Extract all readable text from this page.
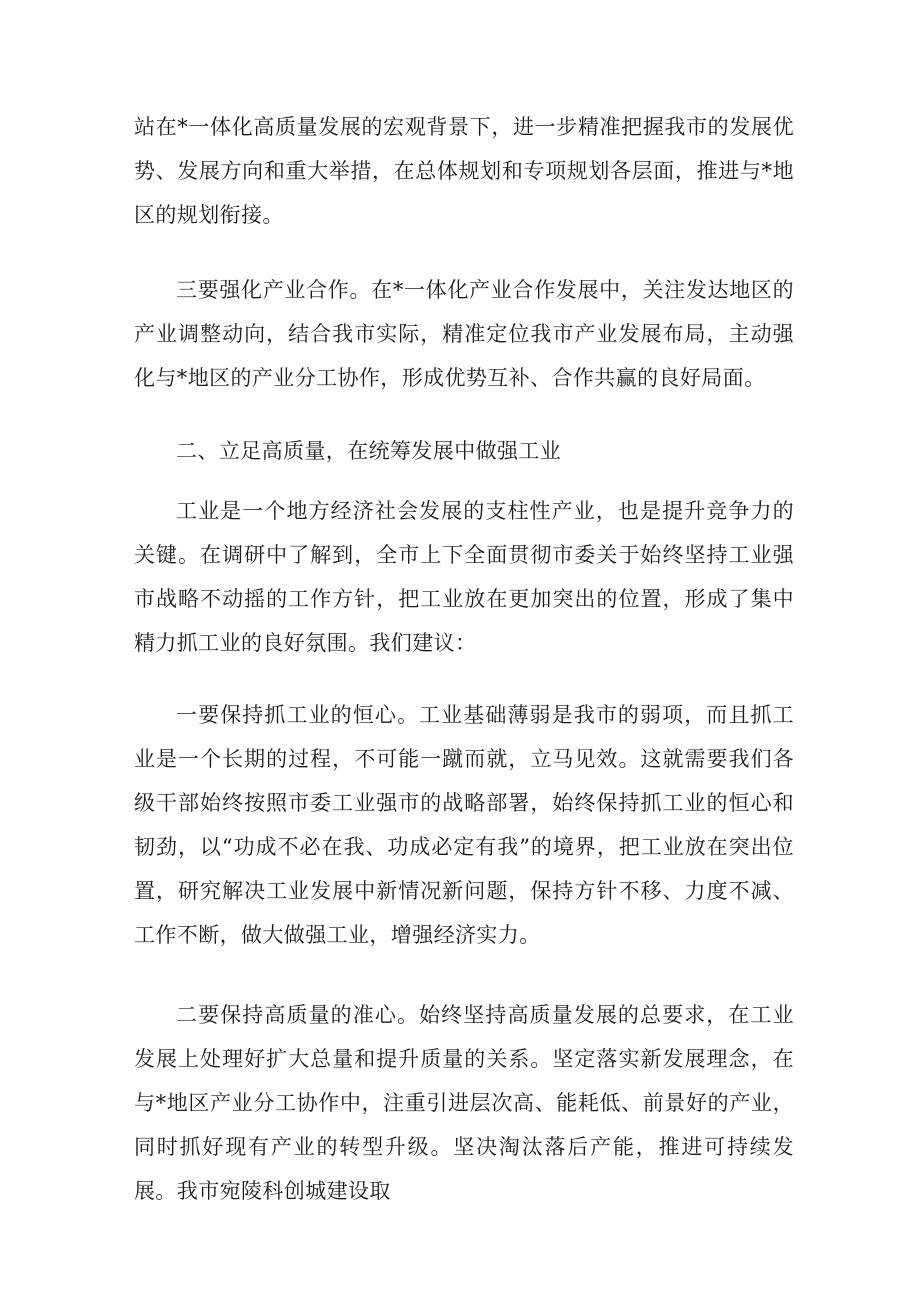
站在*一体化高质量发展的宏观背景下，进一步精准把握我市的发展优势、发展方向和重大举措，在总体规划和专项规划各层面，推进与*地区的规划衔接。

三要强化产业合作。在*一体化产业合作发展中，关注发达地区的产业调整动向，结合我市实际，精准定位我市产业发展布局，主动强化与*地区的产业分工协作，形成优势互补、合作共赢的良好局面。

二、立足高质量，在统筹发展中做强工业

工业是一个地方经济社会发展的支柱性产业，也是提升竞争力的关键。在调研中了解到，全市上下全面贯彻市委关于始终坚持工业强市战略不动摇的工作方针，把工业放在更加突出的位置，形成了集中精力抓工业的良好氛围。我们建议：

一要保持抓工业的恒心。工业基础薄弱是我市的弱项，而且抓工业是一个长期的过程，不可能一蹴而就，立马见效。这就需要我们各级干部始终按照市委工业强市的战略部署，始终保持抓工业的恒心和韧劲，以“功成不必在我、功成必定有我”的境界，把工业放在突出位置，研究解决工业发展中新情况新问题，保持方针不移、力度不减、工作不断，做大做强工业，增强经济实力。

二要保持高质量的准心。始终坚持高质量发展的总要求，在工业发展上处理好扩大总量和提升质量的关系。坚定落实新发展理念，在与*地区产业分工协作中，注重引进层次高、能耗低、前景好的产业，同时抓好现有产业的转型升级。坚决淘汰落后产能，推进可持续发展。我市宛陵科创城建设取
